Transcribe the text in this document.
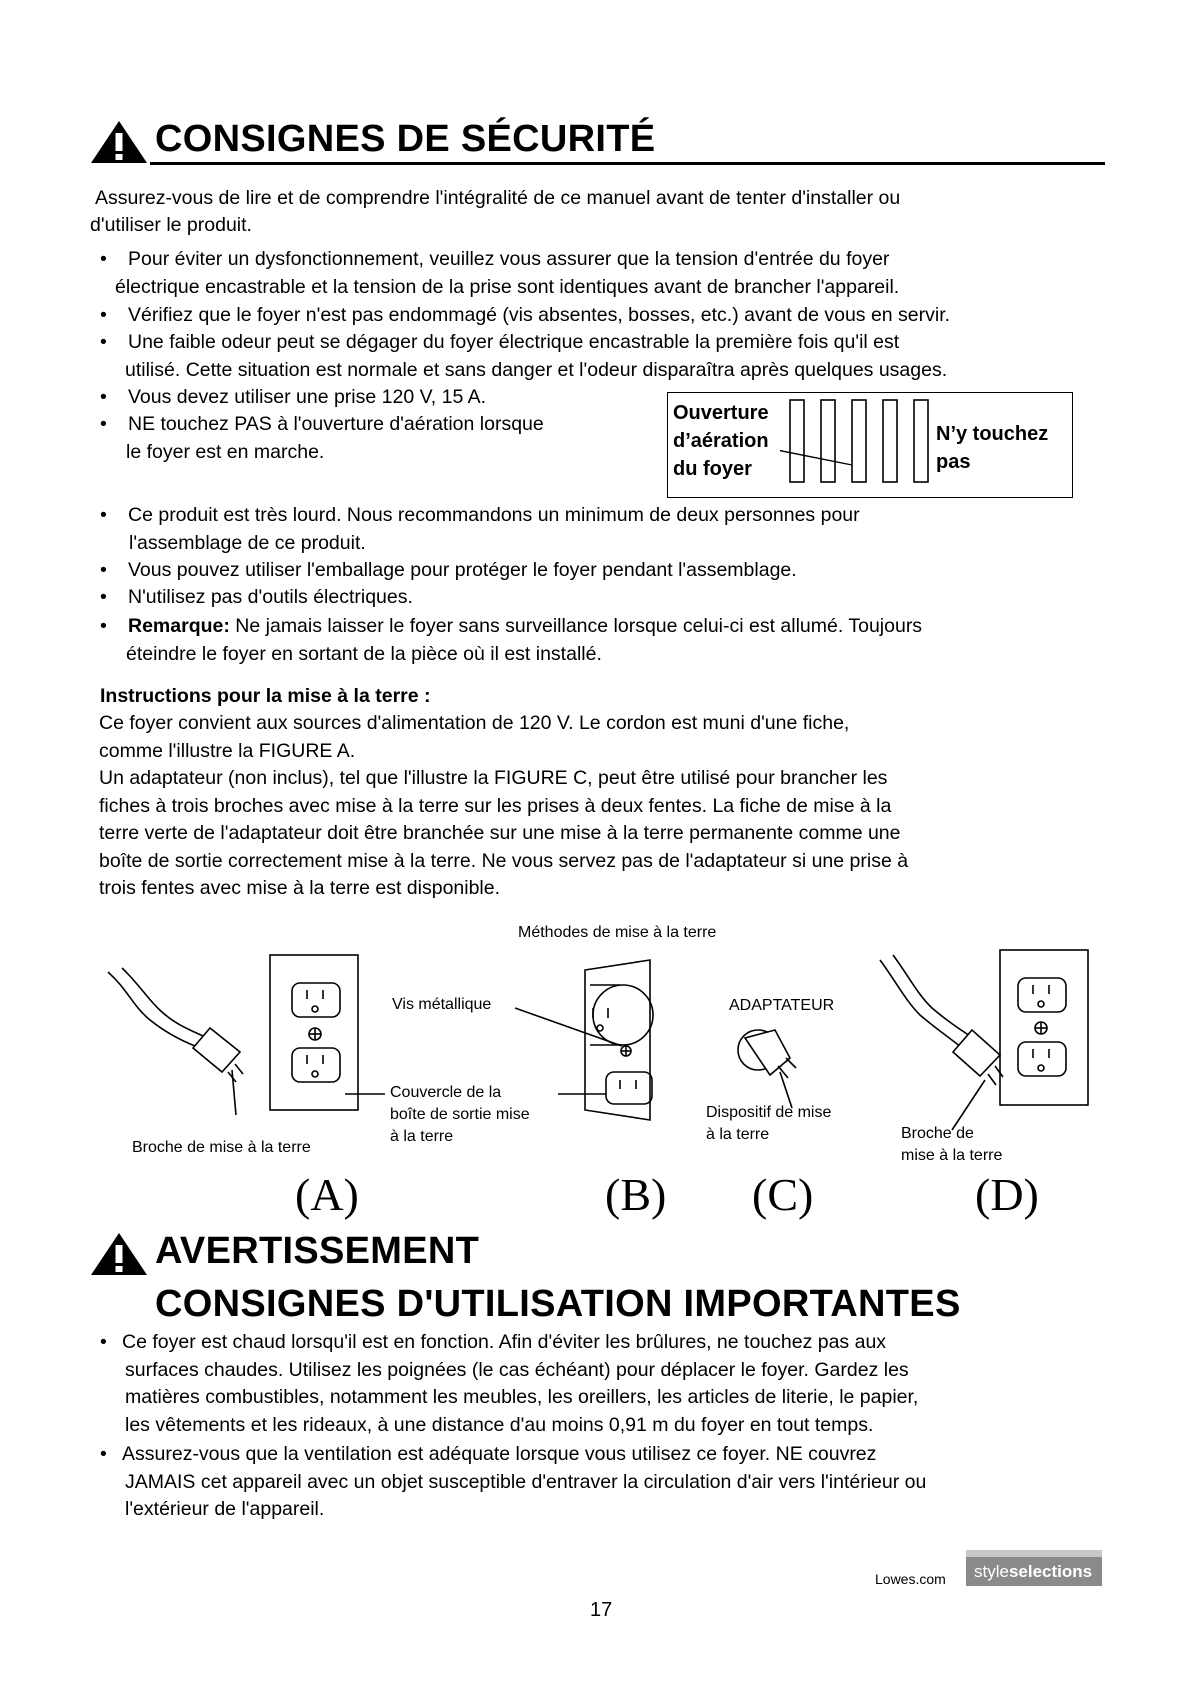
CONSIGNES DE SÉCURITÉ
Assurez-vous de lire et de comprendre l'intégralité de ce manuel avant de tenter d'installer ou
d'utiliser le produit.
• Pour éviter un dysfonctionnement, veuillez vous assurer que la tension d'entrée du foyer
électrique encastrable et la tension de la prise sont identiques avant de brancher l'appareil.
• Vérifiez que le foyer n'est pas endommagé (vis absentes, bosses, etc.) avant de vous en servir.
• Une faible odeur peut se dégager du foyer électrique encastrable la première fois qu'il est
utilisé. Cette situation est normale et sans danger et l'odeur disparaîtra après quelques usages.
• Vous devez utiliser une prise 120 V, 15 A.
• NE touchez PAS à l'ouverture d'aération lorsque
le foyer est en marche.
Ouverture
d’aération
du foyer
N’y touchez
pas
• Ce produit est très lourd. Nous recommandons un minimum de deux personnes pour
l'assemblage de ce produit.
• Vous pouvez utiliser l'emballage pour protéger le foyer pendant l'assemblage.
• N'utilisez pas d'outils électriques.
• Remarque: Ne jamais laisser le foyer sans surveillance lorsque celui-ci est allumé. Toujours
éteindre le foyer en sortant de la pièce où il est installé.
Instructions pour la mise à la terre :
Ce foyer convient aux sources d'alimentation de 120 V. Le cordon est muni d'une fiche,
comme l'illustre la FIGURE A.
Un adaptateur (non inclus), tel que l'illustre la FIGURE C, peut être utilisé pour brancher les
fiches à trois broches avec mise à la terre sur les prises à deux fentes. La fiche de mise à la
terre verte de l'adaptateur doit être branchée sur une mise à la terre permanente comme une
boîte de sortie correctement mise à la terre. Ne vous servez pas de l'adaptateur si une prise à
trois fentes avec mise à la terre est disponible.
Méthodes de mise à la terre
Broche de mise à la terre
Vis métallique
Couvercle de la
boîte de sortie mise
à la terre
ADAPTATEUR
Dispositif de mise
à la terre	Broche de
mise à la terre
(A)	(B) (C)	(D)
AVERTISSEMENT
CONSIGNES D'UTILISATION IMPORTANTES
• Ce foyer est chaud lorsqu'il est en fonction. Afin d'éviter les brûlures, ne touchez pas aux
surfaces chaudes. Utilisez les poignées (le cas échéant) pour déplacer le foyer. Gardez les
matières combustibles, notamment les meubles, les oreillers, les articles de literie, le papier,
les vêtements et les rideaux, à une distance d'au moins 0,91 m du foyer en tout temps.
• Assurez-vous que la ventilation est adéquate lorsque vous utilisez ce foyer. NE couvrez
JAMAIS cet appareil avec un objet susceptible d'entraver la circulation d'air vers l'intérieur ou
l'extérieur de l'appareil.
Lowes.com styleselections
17
